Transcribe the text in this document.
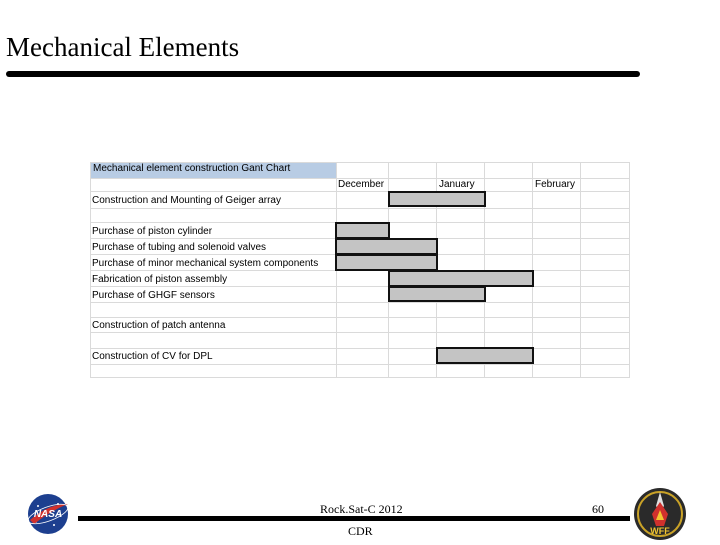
Mechanical Elements
Mechanical element construction Gant Chart
December	January	February
Construction and Mounting of Geiger array
Purchase of piston cylinder
Purchase of tubing and solenoid valves
Purchase of minor mechanical system components
Fabrication of piston assembly
Purchase of GHGF sensors
Construction of patch antenna
Construction of CV for DPL
NASA	Rock.Sat-C 2012
CDR
60
WFF
